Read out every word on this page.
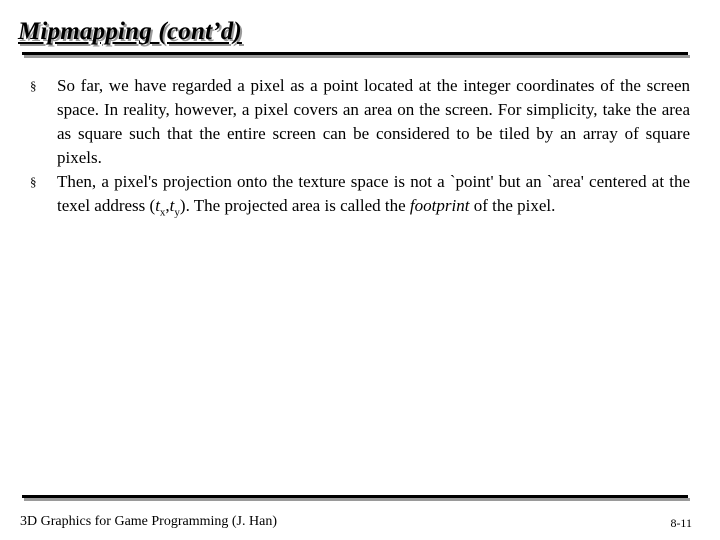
Mipmapping (cont’d)
§	So far, we have regarded a pixel as a point located at the integer coordinates of the screen space. In reality, however, a pixel covers an area on the screen. For simplicity, take the area as square such that the entire screen can be considered to be tiled by an array of square pixels.
§	Then, a pixel's projection onto the texture space is not a `point' but an `area' centered at the texel address $(t_x,t_y)$. The projected area is called the footprint of the pixel.
3D Graphics for Game Programming (J. Han)	8-11
